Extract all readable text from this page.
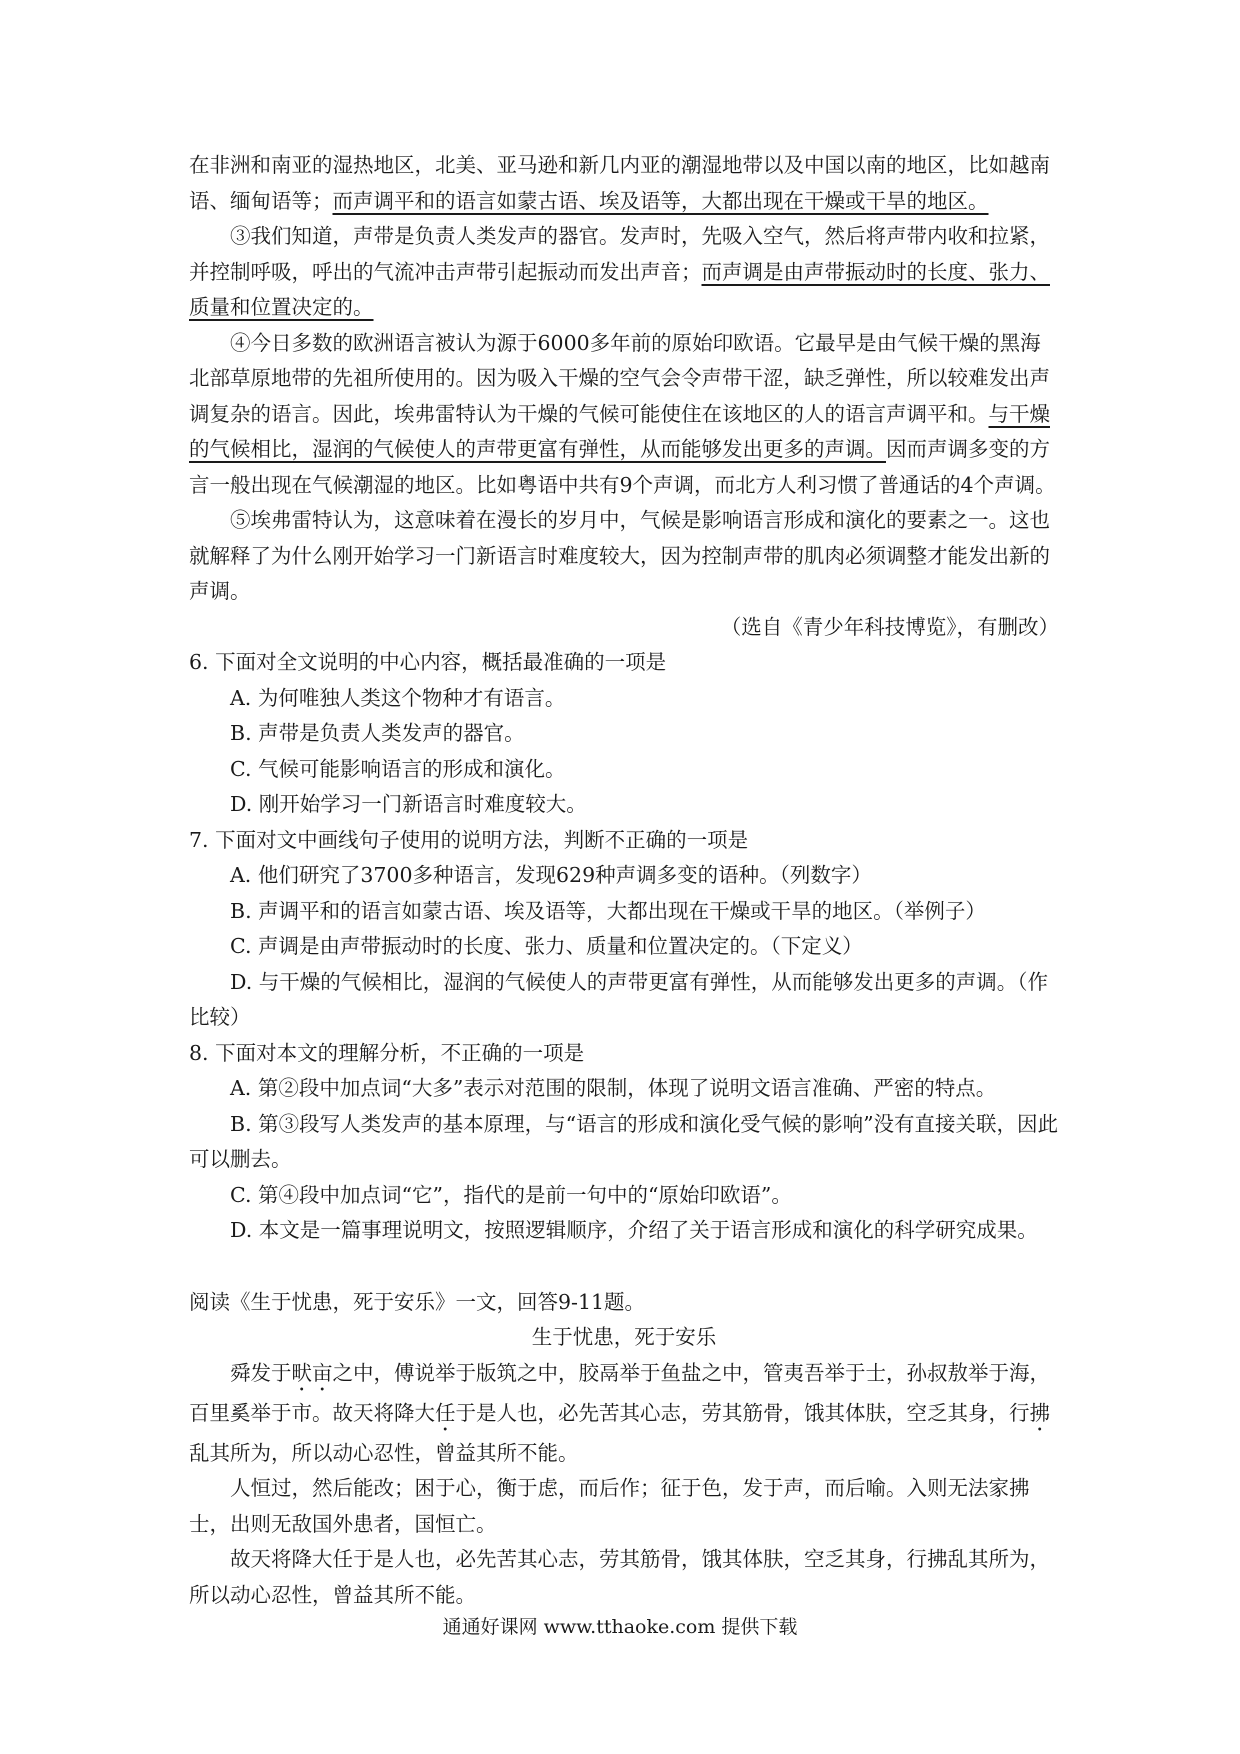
在非洲和南亚的湿热地区，北美、亚马逊和新几内亚的潮湿地带以及中国以南的地区，比如越南语、缅甸语等；而声调平和的语言如蒙古语、埃及语等，大都出现在干燥或干旱的地区。

③我们知道，声带是负责人类发声的器官。发声时，先吸入空气，然后将声带内收和拉紧，并控制呼吸，呼出的气流冲击声带引起振动而发出声音；而声调是由声带振动时的长度、张力、质量和位置决定的。

④今日多数的欧洲语言被认为源于6000多年前的原始印欧语。它最早是由气候干燥的黑海北部草原地带的先祖所使用的。因为吸入干燥的空气会令声带干涩，缺乏弹性，所以较难发出声调复杂的语言。因此，埃弗雷特认为干燥的气候可能使住在该地区的人的语言声调平和。与干燥的气候相比，湿润的气候使人的声带更富有弹性，从而能够发出更多的声调。因而声调多变的方言一般出现在气候潮湿的地区。比如粤语中共有9个声调，而北方人利习惯了普通话的4个声调。

⑤埃弗雷特认为，这意味着在漫长的岁月中，气候是影响语言形成和演化的要素之一。这也就解释了为什么刚开始学习一门新语言时难度较大，因为控制声带的肌肉必须调整才能发出新的声调。

（选自《青少年科技博览》，有删改）

6. 下面对全文说明的中心内容，概括最准确的一项是

A. 为何唯独人类这个物种才有语言。

B. 声带是负责人类发声的器官。

C. 气候可能影响语言的形成和演化。

D. 刚开始学习一门新语言时难度较大。

7. 下面对文中画线句子使用的说明方法，判断不正确的一项是

A. 他们研究了3700多种语言，发现629种声调多变的语种。（列数字）

B. 声调平和的语言如蒙古语、埃及语等，大都出现在干燥或干旱的地区。（举例子）

C. 声调是由声带振动时的长度、张力、质量和位置决定的。（下定义）

D. 与干燥的气候相比，湿润的气候使人的声带更富有弹性，从而能够发出更多的声调。（作比较）

8. 下面对本文的理解分析，不正确的一项是

A. 第②段中加点词“大多”表示对范围的限制，体现了说明文语言准确、严密的特点。

B. 第③段写人类发声的基本原理，与“语言的形成和演化受气候的影响”没有直接关联，因此可以删去。

C. 第④段中加点词“它”，指代的是前一句中的“原始印欧语”。

D. 本文是一篇事理说明文，按照逻辑顺序，介绍了关于语言形成和演化的科学研究成果。

阅读《生于忧患，死于安乐》一文，回答9-11题。

生于忧患，死于安乐

舜发于畎亩之中，傅说举于版筑之中，胶鬲举于鱼盐之中，管夷吾举于士，孙叔敖举于海，百里奚举于市。故天将降大任于是人也，必先苦其心志，劳其筋骨，饿其体肤，空乏其身，行拂乱其所为，所以动心忍性，曾益其所不能。

人恒过，然后能改；困于心，衡于虑，而后作；征于色，发于声，而后喻。入则无法家拂士，出则无敌国外患者，国恒亡。

故天将降大任于是人也，必先苦其心志，劳其筋骨，饿其体肤，空乏其身，行拂乱其所为，所以动心忍性，曾益其所不能。

通通好课网 www.tthaoke.com 提供下载
